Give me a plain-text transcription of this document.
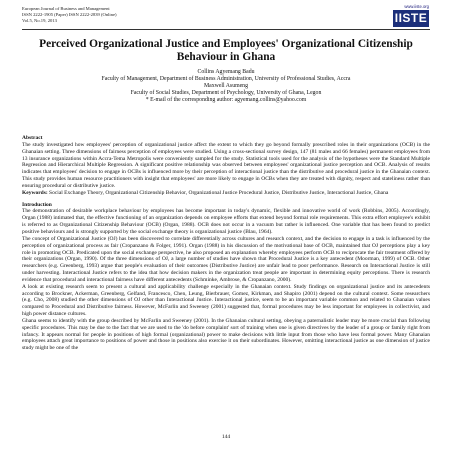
European Journal of Business and Management
ISSN 2222-1905 (Paper) ISSN 2222-2839 (Online)
Vol.5, No.19, 2013
www.iiste.org
IISTE
Perceived Organizational Justice and Employees' Organizational Citizenship Behaviour in Ghana
Collins Agyemang Badu
Faculty of Management, Department of Business Administration, University of Professional Studies, Accra
Maxwell Asumeng
Faculty of Social Studies, Department of Psychology, University of Ghana, Legon
* E-mail of the corresponding author: agyemang.collins@yahoo.com

Abstract

The study investigated how employees' perception of organizational justice affect the extent to which they go beyond formally prescribed roles in their organizations (OCB) in the Ghanaian setting. Three dimensions of fairness perception of employees were studied. Using a cross-sectional survey design, 147 (81 males and 66 females) permanent employees from 13 insurance organizations within Accra-Tema Metropolis were conveniently sampled for the study. Statistical tools used for the analysis of the hypotheses were the Standard Multiple Regression and Hierarchical Multiple Regression. A significant positive relationship was observed between employees' organizational justice perception and OCB. Analysis of results indicates that employees' decision to engage in OCBs is influenced more by their perception of interactional justice than the distributive and procedural justice in the Ghanaian context. This study provides human resource practitioners with insight that employees' are more likely to engage in OCBs when they are treated with dignity, respect and stateliness rather than ensuring procedural or distributive justice.

Keywords: Social Exchange Theory, Organizational Citizenship Behavior, Organizational Justice Procedural Justice, Distributive Justice, Interactional Justice, Ghana

Introduction

The demonstration of desirable workplace behaviour by employees has become important in today's dynamic, flexible and innovative world of work (Robbins, 2005). Accordingly, Organ (1988) intimated that, the effective functioning of an organization depends on employee efforts that extend beyond formal role requirements. This extra effort employee's exhibit is referred to as Organizational Citizenship Behaviour (OCB) (Organ, 1988). OCB does not occur in a vacuum but rather is influenced. One variable that has been found to predict positive behaviours and is strongly supported by the social exchange theory is organizational justice (Blau, 1964).

The concept of Organizational Justice (OJ) has been discovered to correlate differentially across cultures and research context, and the decision to engage in a task is influenced by the perception of organizational process as fair (Cropanzano & Folger, 1991). Organ (1988) in his discussion of the motivational base of OCB, maintained that OJ perceptions play a key role in promoting OCB. Predicated upon the social exchange perspective, he also proposed an explanation whereby employees perform OCB to reciprocate the fair treatment offered by their organizations (Organ, 1990). Of the three dimensions of OJ, a large number of studies have shown that Procedural Justice is a key antecedent (Moorman, 1999) of OCB. Other researchers (e.g. Greenberg, 1993) argue that people's evaluation of their outcomes (Distributive Justice) are unfair lead to poor performance. Research on Interactional Justice is still under harvesting. Interactional Justice refers to the idea that how decision makers in the organization treat people are important in determining equity perceptions. There is research evidence that procedural and interactional fairness have different antecedents (Schminke, Ambrose, & Cropanzano, 2000).

A look at existing research seem to present a cultural and applicability challenge especially in the Ghanaian context. Study findings on organizational justice and its antecedents according to Brockner, Ackerman, Greenberg, Gelfand, Francesco, Chen, Leung, Bierbrauer, Gomez, Kirkman, and Shapiro (2001) depend on the cultural context. Some researchers (e.g. Cho, 2008) studied the other dimensions of OJ other than Interactional Justice. Interactional justice, seem to be an important variable common and related to Ghanaian values compared to Procedural and Distributive fairness. However, McFarlin and Sweeney (2001) suggested that, formal procedures may be less important for employees in collectivist, and high power distance cultures.

Ghana seems to identify with the group described by McFarlin and Sweeney (2001). In the Ghanaian cultural setting, obeying a paternalistic leader may be more crucial than following specific procedures. This may be due to the fact that we are used to the 'do before complaint' sort of training when one is given directives by the leader of a group or family right from infancy. It appears normal for people in positions of high formal (organizational) power to make decisions with little input from those who have less formal power. Many Ghanaian employees attach great importance to positions of power and those in positions also exercise it on their subordinates. However, omitting interactional justice as one dimension of justice study might be one of the

144
